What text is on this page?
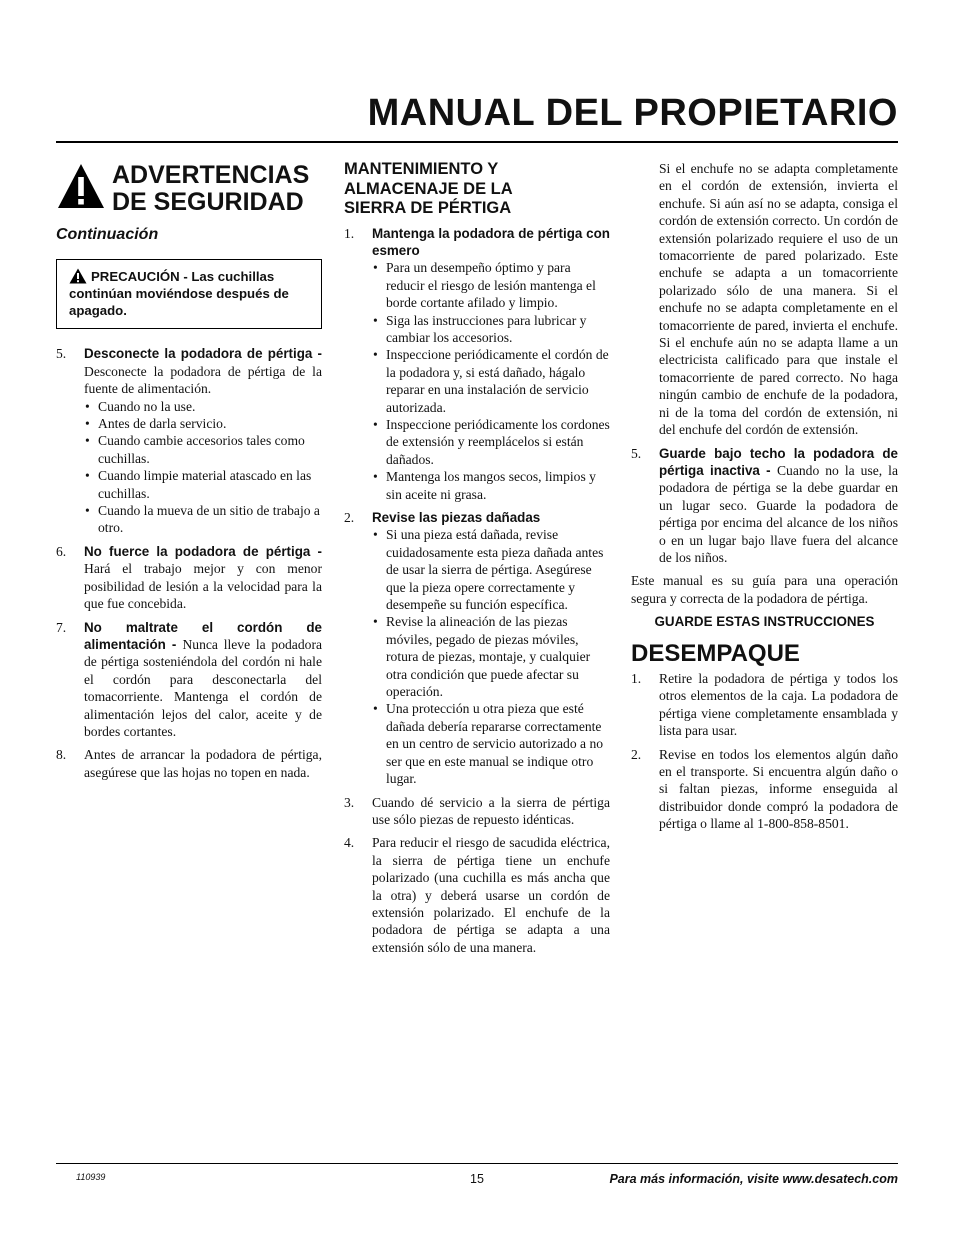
MANUAL DEL PROPIETARIO
ADVERTENCIAS
DE SEGURIDAD
Continuación
PRECAUCIÓN - Las cuchillas continúan moviéndose después de apagado.
5. Desconecte la podadora de pértiga - Desconecte la podadora de pértiga de la fuente de alimentación.
• Cuando no la use.
• Antes de darla servicio.
• Cuando cambie accesorios tales como cuchillas.
• Cuando limpie material atascado en las cuchillas.
• Cuando la mueva de un sitio de trabajo a otro.
6. No fuerce la podadora de pértiga - Hará el trabajo mejor y con menor posibilidad de lesión a la velocidad para la que fue concebida.
7. No maltrate el cordón de alimentación - Nunca lleve la podadora de pértiga sosteniéndola del cordón ni hale el cordón para desconectarla del tomacorriente. Mantenga el cordón de alimentación lejos del calor, aceite y de bordes cortantes.
8. Antes de arrancar la podadora de pértiga, asegúrese que las hojas no topen en nada.
MANTENIMIENTO Y
ALMACENAJE DE LA
SIERRA DE PÉRTIGA
1. Mantenga la podadora de pértiga con esmero
• Para un desempeño óptimo y para reducir el riesgo de lesión mantenga el borde cortante afilado y limpio.
• Siga las instrucciones para lubricar y cambiar los accesorios.
• Inspeccione periódicamente el cordón de la podadora y, si está dañado, hágalo reparar en una instalación de servicio autorizada.
• Inspeccione periódicamente los cordones de extensión y reemplácelos si están dañados.
• Mantenga los mangos secos, limpios y sin aceite ni grasa.
2. Revise las piezas dañadas
• Si una pieza está dañada, revise cuidadosamente esta pieza dañada antes de usar la sierra de pértiga. Asegúrese que la pieza opere correctamente y desempeñe su función específica.
• Revise la alineación de las piezas móviles, pegado de piezas móviles, rotura de piezas, montaje, y cualquier otra condición que puede afectar su operación.
• Una protección u otra pieza que esté dañada debería repararse correctamente en un centro de servicio autorizado a no ser que en este manual se indique otro lugar.
3. Cuando dé servicio a la sierra de pértiga use sólo piezas de repuesto idénticas.
4. Para reducir el riesgo de sacudida eléctrica, la sierra de pértiga tiene un enchufe polarizado (una cuchilla es más ancha que la otra) y deberá usarse un cordón de extensión polarizado. El enchufe de la podadora de pértiga se adapta a una extensión sólo de una manera.

Si el enchufe no se adapta completamente en el cordón de extensión, invierta el enchufe. Si aún así no se adapta, consiga el cordón de extensión correcto. Un cordón de extensión polarizado requiere el uso de un tomacorriente de pared polarizado. Este enchufe se adapta a un tomacorriente polarizado sólo de una manera. Si el enchufe no se adapta completamente en el tomacorriente de pared, invierta el enchufe. Si el enchufe aún no se adapta llame a un electricista calificado para que instale el tomacorriente de pared correcto. No haga ningún cambio de enchufe de la podadora, ni de la toma del cordón de extensión, ni del enchufe del cordón de extensión.

5. Guarde bajo techo la podadora de pértiga inactiva - Cuando no la use, la podadora de pértiga se la debe guardar en un lugar seco. Guarde la podadora de pértiga por encima del alcance de los niños o en un lugar bajo llave fuera del alcance de los niños.

Este manual es su guía para una operación segura y correcta de la podadora de pértiga.

GUARDE ESTAS INSTRUCCIONES
DESEMPAQUE
1. Retire la podadora de pértiga y todos los otros elementos de la caja. La podadora de pértiga viene completamente ensamblada y lista para usar.
2. Revise en todos los elementos algún daño en el transporte. Si encuentra algún daño o si faltan piezas, informe enseguida al distribuidor donde compró la podadora de pértiga o llame al 1-800-858-8501.
110939	15	Para más información, visite www.desatech.com
